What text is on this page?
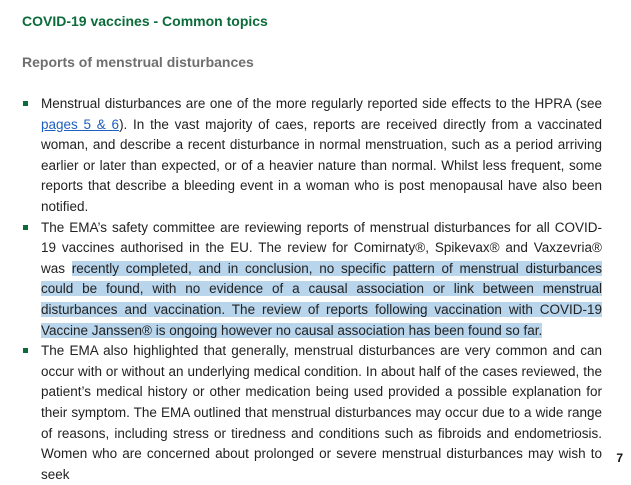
COVID-19 vaccines - Common topics
Reports of menstrual disturbances
Menstrual disturbances are one of the more regularly reported side effects to the HPRA (see pages 5 & 6). In the vast majority of caes, reports are received directly from a vaccinated woman, and describe a recent disturbance in normal menstruation, such as a period arriving earlier or later than expected, or of a heavier nature than normal. Whilst less frequent, some reports that describe a bleeding event in a woman who is post menopausal have also been notified.
The EMA’s safety committee are reviewing reports of menstrual disturbances for all COVID-19 vaccines authorised in the EU. The review for Comirnaty®, Spikevax® and Vaxzevria® was recently completed, and in conclusion, no specific pattern of menstrual disturbances could be found, with no evidence of a causal association or link between menstrual disturbances and vaccination. The review of reports following vaccination with COVID-19 Vaccine Janssen® is ongoing however no causal association has been found so far.
The EMA also highlighted that generally, menstrual disturbances are very common and can occur with or without an underlying medical condition. In about half of the cases reviewed, the patient’s medical history or other medication being used provided a possible explanation for their symptom. The EMA outlined that menstrual disturbances may occur due to a wide range of reasons, including stress or tiredness and conditions such as fibroids and endometriosis. Women who are concerned about prolonged or severe menstrual disturbances may wish to seek
7
